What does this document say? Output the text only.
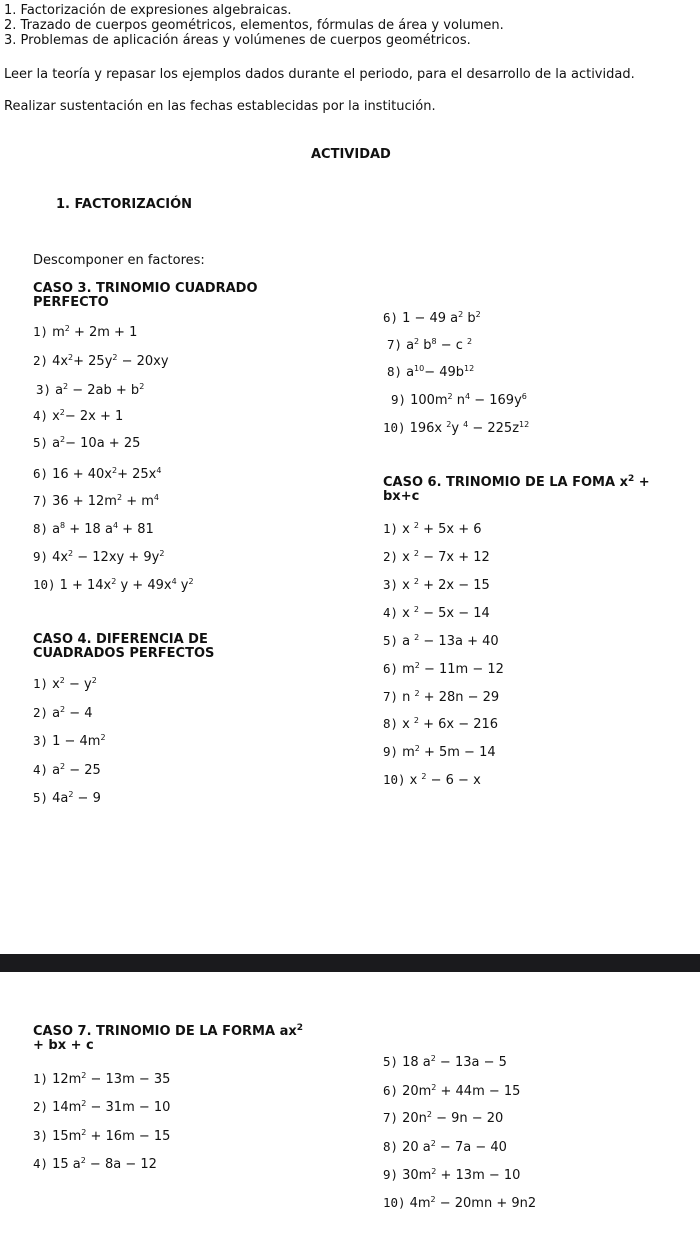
1. Factorización de expresiones algebraicas.
2. Trazado de cuerpos geométricos, elementos, fórmulas de área y volumen.
3. Problemas de aplicación áreas y volúmenes de cuerpos geométricos.
Leer la teoría y repasar los ejemplos dados durante el periodo, para el desarrollo de la actividad.
Realizar sustentación en las fechas establecidas por la institución.
ACTIVIDAD
1. FACTORIZACIÓN
Descomponer en factores:
CASO 3. TRINOMIO CUADRADO
PERFECTO
1) $m^2 + 2m + 1$
2) $4x^2+ 25y^2 - 20xy$
3) $a^2 - 2ab + b^2$
4) $x^2- 2x + 1$
5) $a^2- 10a + 25$
6) $16 + 40x^2+ 25x^4$
7) $36 + 12m^2 + m^4$
8) $a^8 + 18$ $a^4 + 81$
9) $4x^2 - 12xy + 9y^2$
10) $1 + 14x^2$ $y + 49x^4$ $y^2$
6) 1 − 49 $a^2$ $b^2$
7) $a^2$ $b^8 - c$ $^2$
8) $a^{10}- 49b^{12}$
9) $100m^2$ $n^4 - 169y^6$
10) 196x $^2$y $^4 - 225z^{12}$
CASO 6. TRINOMIO DE LA FOMA $x^2$ +
bx+c
1) x $^2$ + 5x + 6
2) x $^2$ − 7x + 12
3) x $^2$ + 2x − 15
4) x $^2$ − 5x − 14
5) a $^2$ − 13a + 40
6) $m^2 - 11m - 12$
7) n $^2$ + 28n − 29
8) x $^2$ + 6x − 216
9) $m^2 + 5m - 14$
10) x $^2$ − 6 − x
CASO 4. DIFERENCIA DE
CUADRADOS PERFECTOS
1) $x^2 - y^2$
2) $a^2 - 4$
3) $1 - 4m^2$
4) $a^2 - 25$
5) $4a^2 - 9$
CASO 7. TRINOMIO DE LA FORMA $ax^2$
+ bx + c
1) $12m^2 - 13m - 35$
2) $14m^2 - 31m - 10$
3) $15m^2 + 16m - 15$
4) 15 $a^2 - 8a - 12$
5) 18 $a^2 - 13a - 5$
6) $20m^2 + 44m - 15$
7) $20n^2 - 9n - 20$
8) 20 $a^2 - 7a - 40$
9) $30m^2 + 13m - 10$
10) $4m^2 - 20mn + 9n2$
